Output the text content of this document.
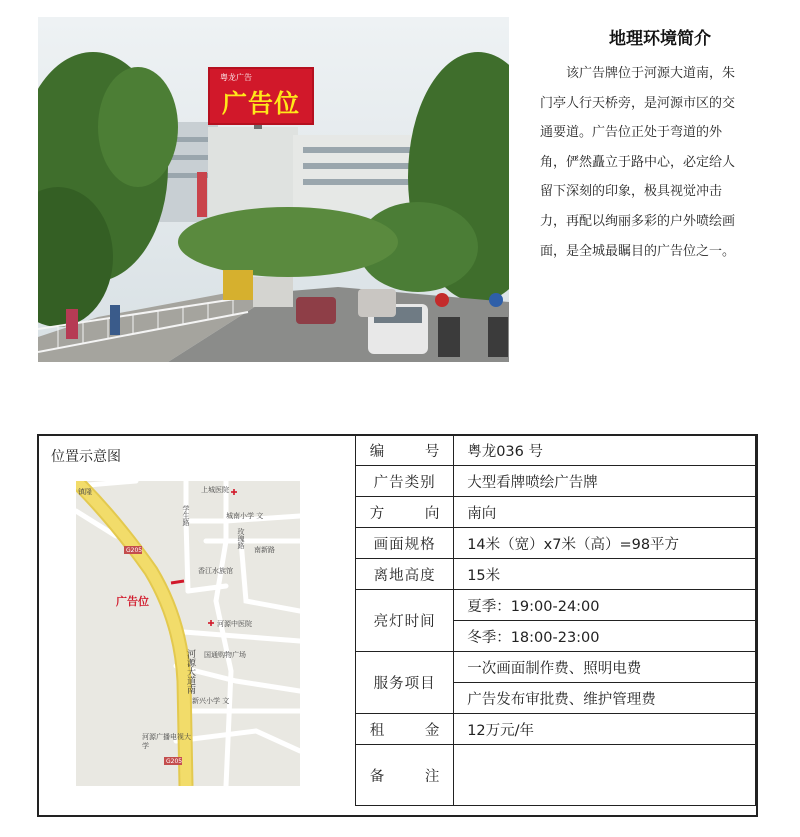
粤龙广告
广告位
地理环境简介
该广告牌位于河源大道南，朱门亭人行天桥旁，是河源市区的交通要道。广告位正处于弯道的外角，俨然矗立于路中心，必定给人留下深刻的印象，极具视觉冲击力，再配以绚丽多彩的户外喷绘画面，是全城最瞩目的广告位之一。
位置示意图
镇隆	上城医院
学生路	城南小学 文
玫瑰路
南新路
G205
香江水族馆
广告位
河源中医院
河源大道南 国通购物广场
新兴小学 文
河源广播电视大学
G205
编 号	粤龙036 号
广告类别	大型看牌喷绘广告牌
方 向	南向
画面规格	14米（宽）x7米（高）=98平方
离地高度	15米
亮灯时间	夏季：19:00-24:00
	冬季：18:00-23:00
服务项目	一次画面制作费、照明电费
	广告发布审批费、维护管理费
租 金	12万元/年
备 注	
